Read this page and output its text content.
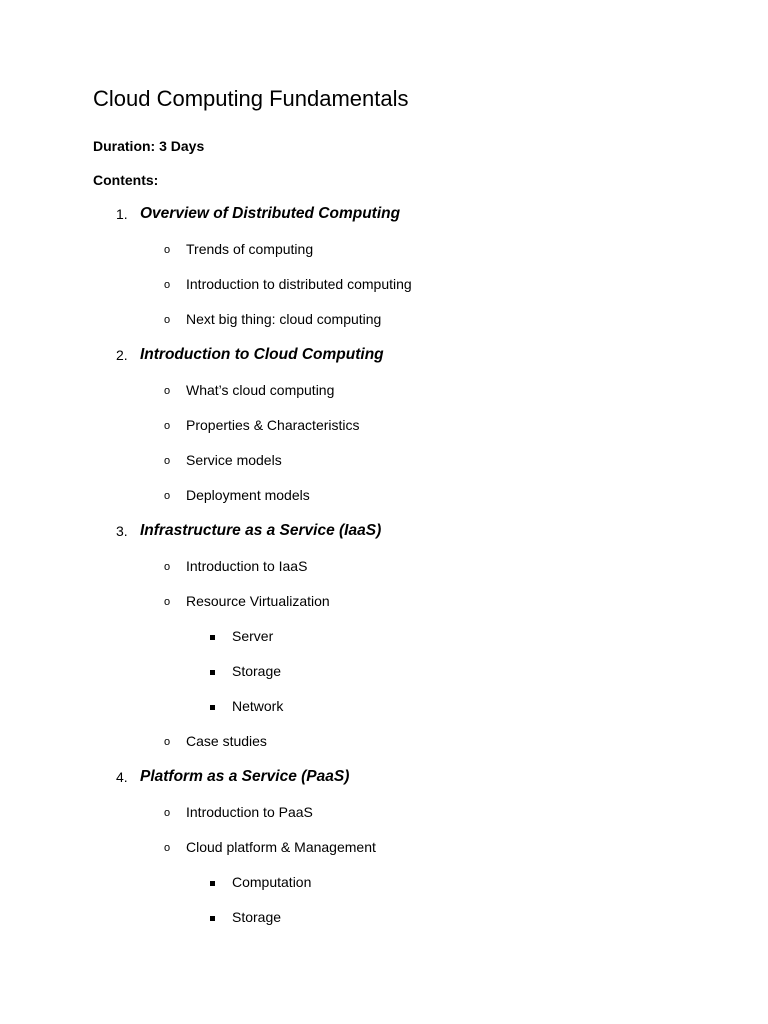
Cloud Computing Fundamentals
Duration: 3 Days
Contents:
1. Overview of Distributed Computing
o Trends of computing
o Introduction to distributed computing
o Next big thing: cloud computing
2. Introduction to Cloud Computing
o What’s cloud computing
o Properties & Characteristics
o Service models
o Deployment models
3. Infrastructure as a Service (IaaS)
o Introduction to IaaS
o Resource Virtualization
Server
Storage
Network
o Case studies
4. Platform as a Service (PaaS)
o Introduction to PaaS
o Cloud platform & Management
Computation
Storage
